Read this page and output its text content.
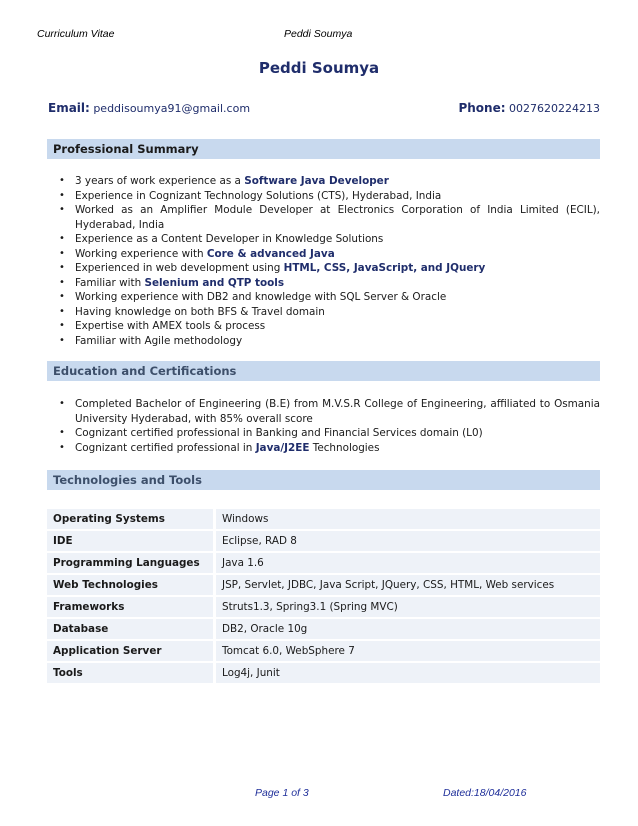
Curriculum Vitae	Peddi Soumya
Peddi Soumya
Email: peddisoumya91@gmail.com	Phone: 0027620224213
Professional Summary
• 3 years of work experience as a Software Java Developer
• Experience in Cognizant Technology Solutions (CTS), Hyderabad, India
• Worked as an Amplifier Module Developer at Electronics Corporation of India Limited (ECIL), Hyderabad, India
• Experience as a Content Developer in Knowledge Solutions
• Working experience with Core & advanced Java
• Experienced in web development using HTML, CSS, JavaScript, and JQuery
• Familiar with Selenium and QTP tools
• Working experience with DB2 and knowledge with SQL Server & Oracle
• Having knowledge on both BFS & Travel domain
• Expertise with AMEX tools & process
• Familiar with Agile methodology
Education and Certifications
• Completed Bachelor of Engineering (B.E) from M.V.S.R College of Engineering, affiliated to Osmania University Hyderabad, with 85% overall score
• Cognizant certified professional in Banking and Financial Services domain (L0)
• Cognizant certified professional in Java/J2EE Technologies
Technologies and Tools
Operating Systems	Windows
IDE	Eclipse, RAD 8
Programming Languages	Java 1.6
Web Technologies	JSP, Servlet, JDBC, Java Script, JQuery, CSS, HTML, Web services
Frameworks	Struts1.3, Spring3.1 (Spring MVC)
Database	DB2, Oracle 10g
Application Server	Tomcat 6.0, WebSphere 7
Tools	Log4j, Junit
Page 1 of 3	Dated:18/04/2016
